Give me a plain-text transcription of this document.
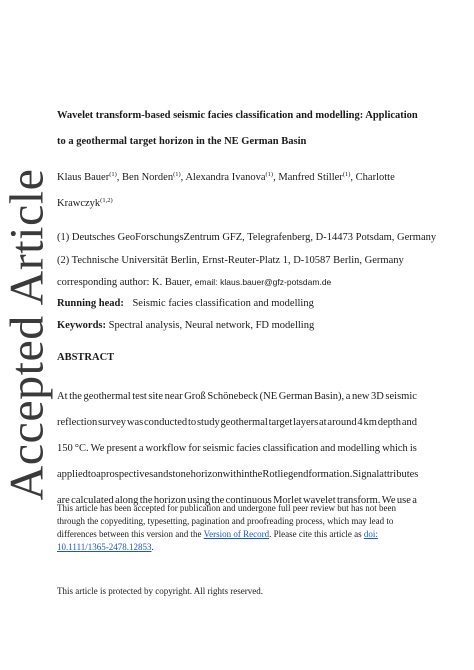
Accepted Article
Wavelet transform-based seismic facies classification and modelling: Application
to a geothermal target horizon in the NE German Basin
Klaus Bauer$^{(1)}$, Ben Norden$^{(1)}$, Alexandra Ivanova$^{(1)}$, Manfred Stiller$^{(1)}$, Charlotte
Krawczyk$^{(1,2)}$
(1) Deutsches GeoForschungsZentrum GFZ, Telegrafenberg, D-14473 Potsdam, Germany
(2) Technische Universität Berlin, Ernst-Reuter-Platz 1, D-10587 Berlin, Germany
corresponding author: K. Bauer, email: klaus.bauer@gfz-potsdam.de
Running head: Seismic facies classification and modelling
Keywords: Spectral analysis, Neural network, FD modelling
ABSTRACT
At the geothermal test site near Groß Schönebeck (NE German Basin), a new 3D seismic
reflection survey was conducted to study geothermal target layers at around 4 km depth and
150 °C. We present a workflow for seismic facies classification and modelling which is
applied to a prospective sandstone horizon within the Rotliegend formation. Signal attributes
are calculated along the horizon using the continuous Morlet wavelet transform. We use a
This article has been accepted for publication and undergone full peer review but has not been
through the copyediting, typesetting, pagination and proofreading process, which may lead to
differences between this version and the Version of Record. Please cite this article as doi:
10.1111/1365-2478.12853.
This article is protected by copyright. All rights reserved.
